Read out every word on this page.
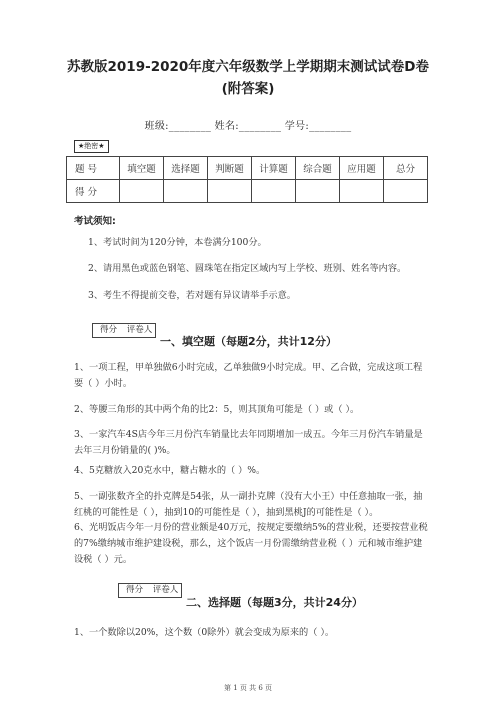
苏教版2019-2020年度六年级数学上学期期末测试试卷D卷 (附答案)
班级:________ 姓名:________ 学号:________
★绝密★
题 号	填空题	选择题	判断题	计算题	综合题	应用题	总分
得 分							
考试须知:
1、考试时间为120分钟，本卷满分100分。
2、请用黑色或蓝色钢笔、圆珠笔在指定区域内写上学校、班别、姓名等内容。
3、考生不得提前交卷，若对题有异议请举手示意。
得分	评卷人
一、填空题（每题2分，共计12分）
1、一项工程，甲单独做6小时完成，乙单独做9小时完成。甲、乙合做，完成这项工程要（ ）小时。
2、等腰三角形的其中两个角的比2：5，则其顶角可能是（ ）或（ ）。
3、一家汽车4S店今年三月份汽车销量比去年同期增加一成五。今年三月份汽车销量是去年三月份销量的( )%。
4、5克糖放入20克水中，糖占糖水的（ ）%。
5、一副张数齐全的扑克牌是54张，从一副扑克牌（没有大小王）中任意抽取一张，抽红桃的可能性是（ ），抽到10的可能性是（ ），抽到黑桃J的可能性是（ ）。
6、光明饭店今年一月份的营业额是40万元，按规定要缴纳5%的营业税，还要按营业税的7%缴纳城市维护建设税，那么，这个饭店一月份需缴纳营业税（ ）元和城市维护建设税（ ）元。
得分	评卷人
二、选择题（每题3分，共计24分）
1、一个数除以20%，这个数（0除外）就会变成为原来的（ ）。
第 1 页 共 6 页
